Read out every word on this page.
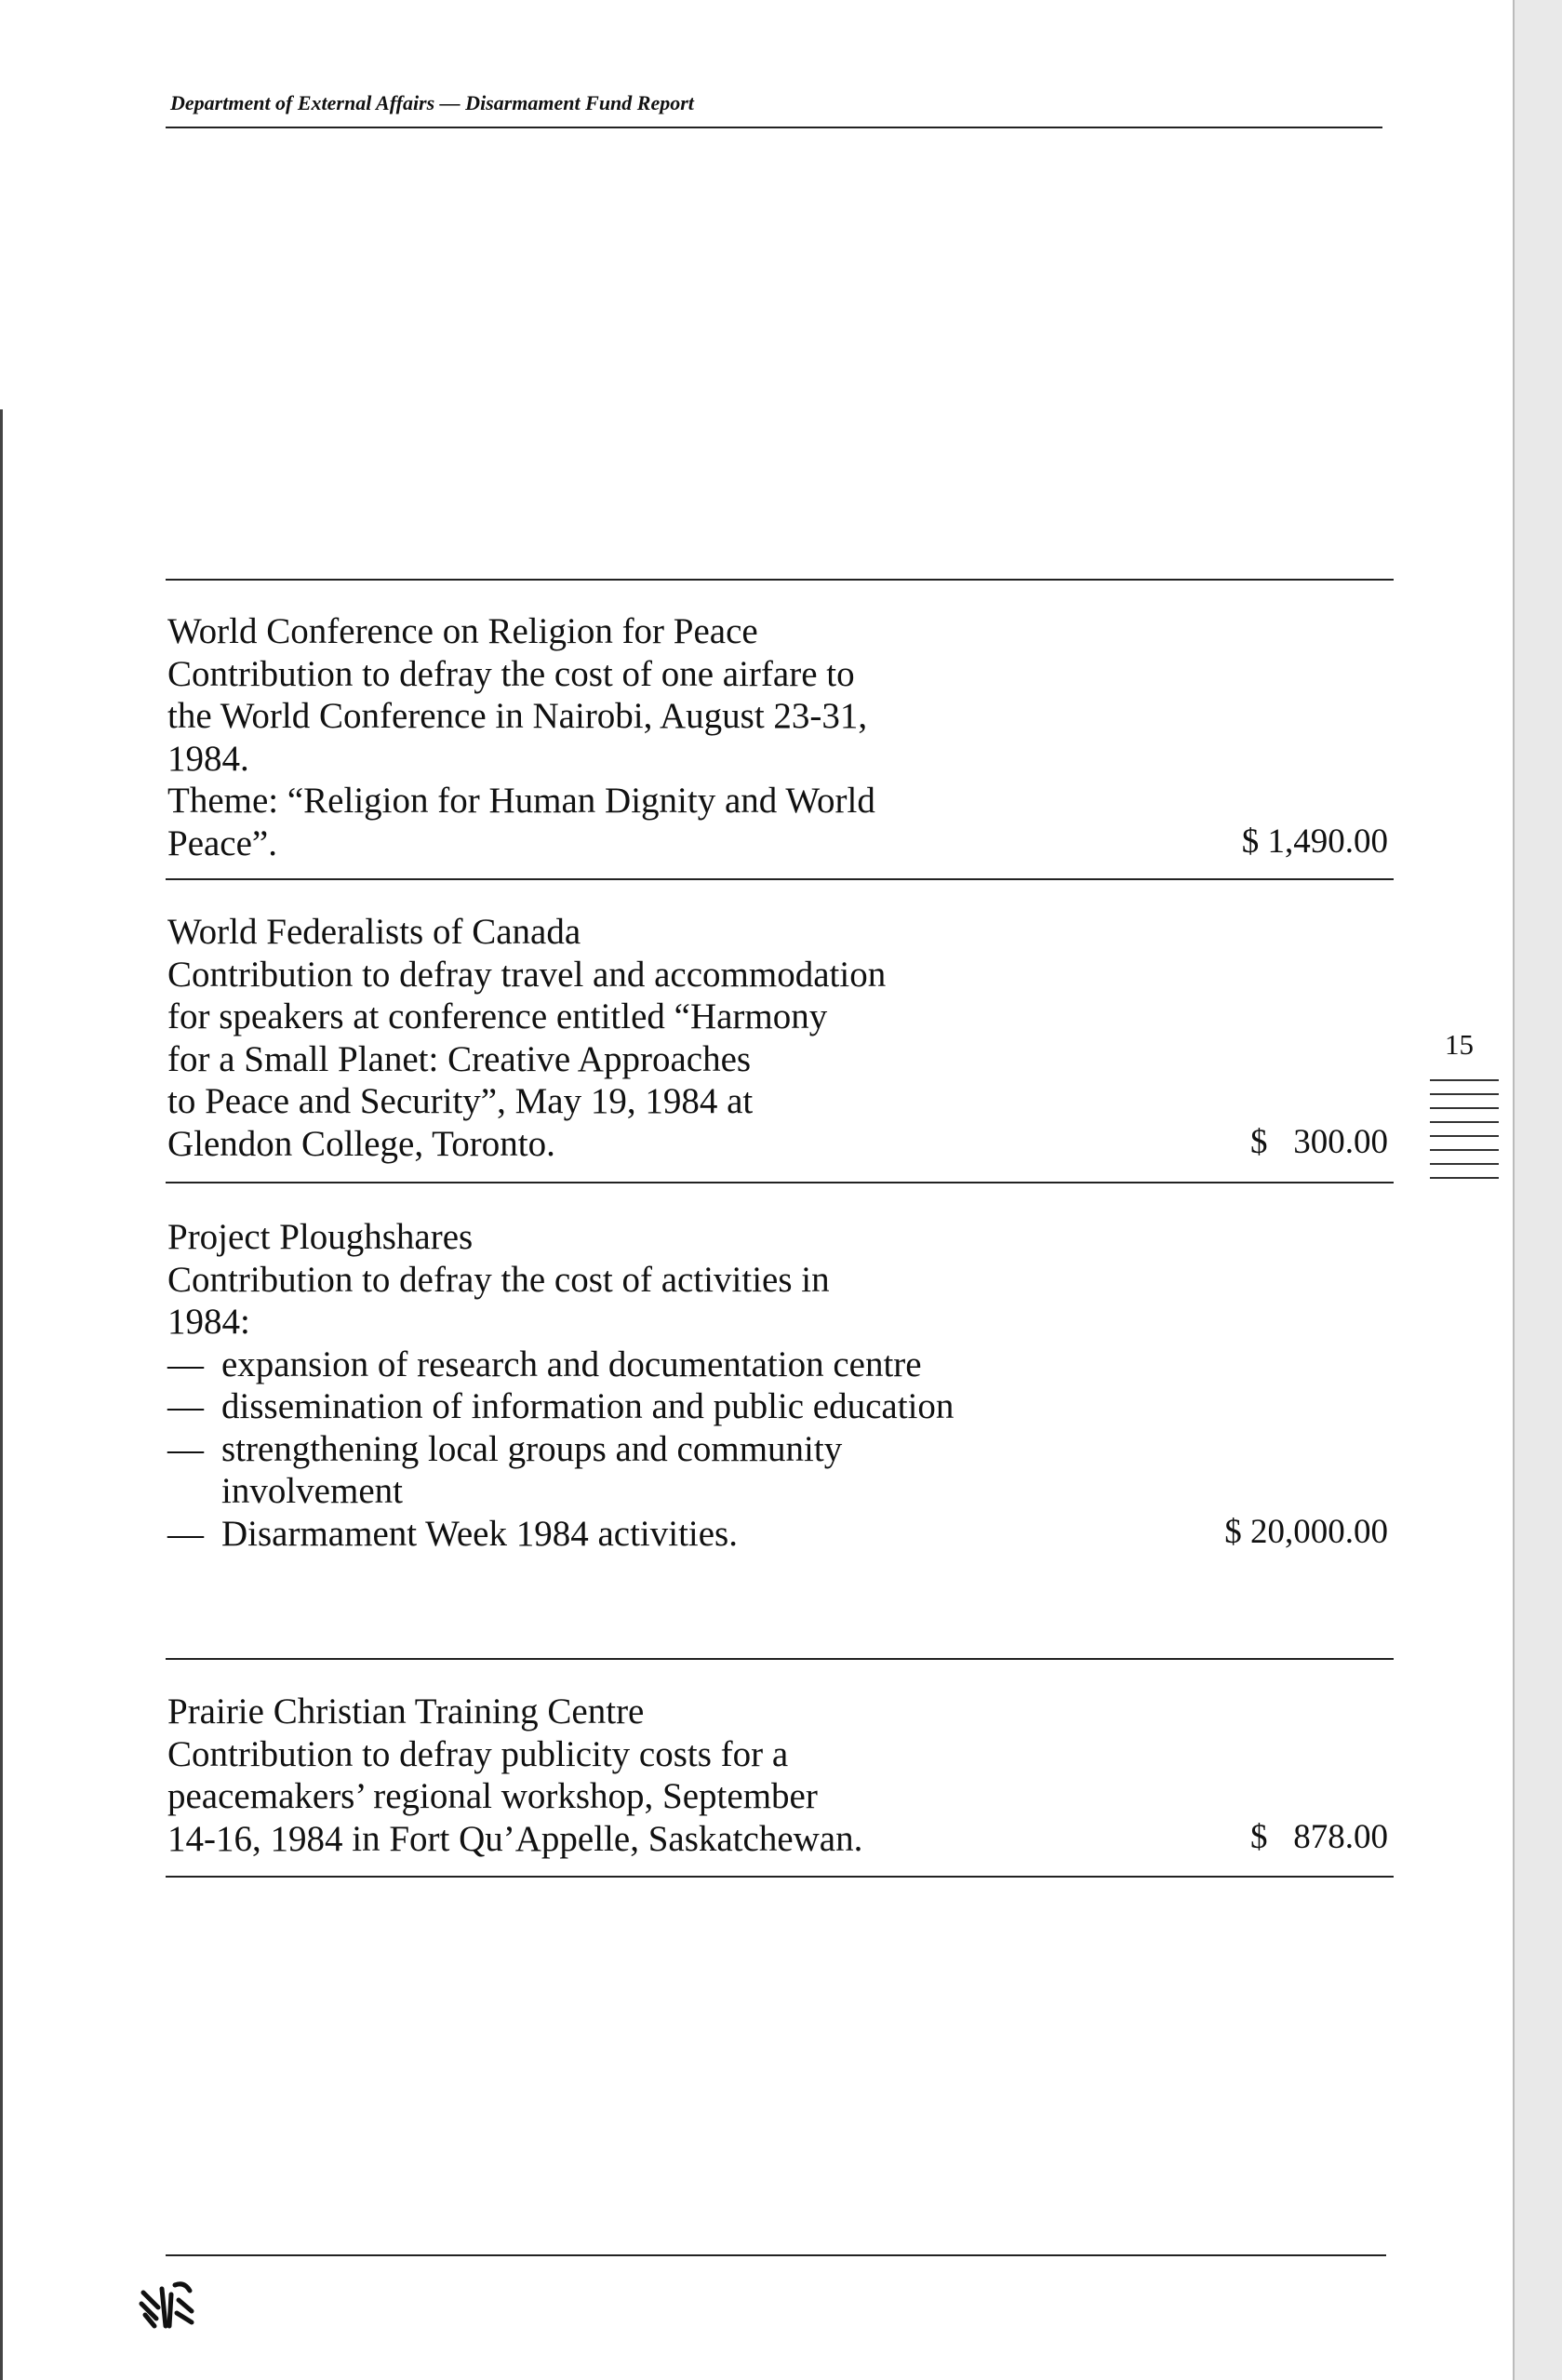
Department of External Affairs — Disarmament Fund Report
World Conference on Religion for Peace
Contribution to defray the cost of one airfare to
the World Conference in Nairobi, August 23-31,
1984.
Theme: “Religion for Human Dignity and World
Peace”.	$ 1,490.00
World Federalists of Canada
Contribution to defray travel and accommodation
for speakers at conference entitled “Harmony
for a Small Planet: Creative Approaches
to Peace and Security”, May 19, 1984 at
Glendon College, Toronto.	$   300.00
Project Ploughshares
Contribution to defray the cost of activities in
1984:
— expansion of research and documentation centre
— dissemination of information and public education
— strengthening local groups and community involvement
— Disarmament Week 1984 activities.	$ 20,000.00
Prairie Christian Training Centre
Contribution to defray publicity costs for a
peacemakers’ regional workshop, September
14-16, 1984 in Fort Qu’Appelle, Saskatchewan.	$   878.00
15
